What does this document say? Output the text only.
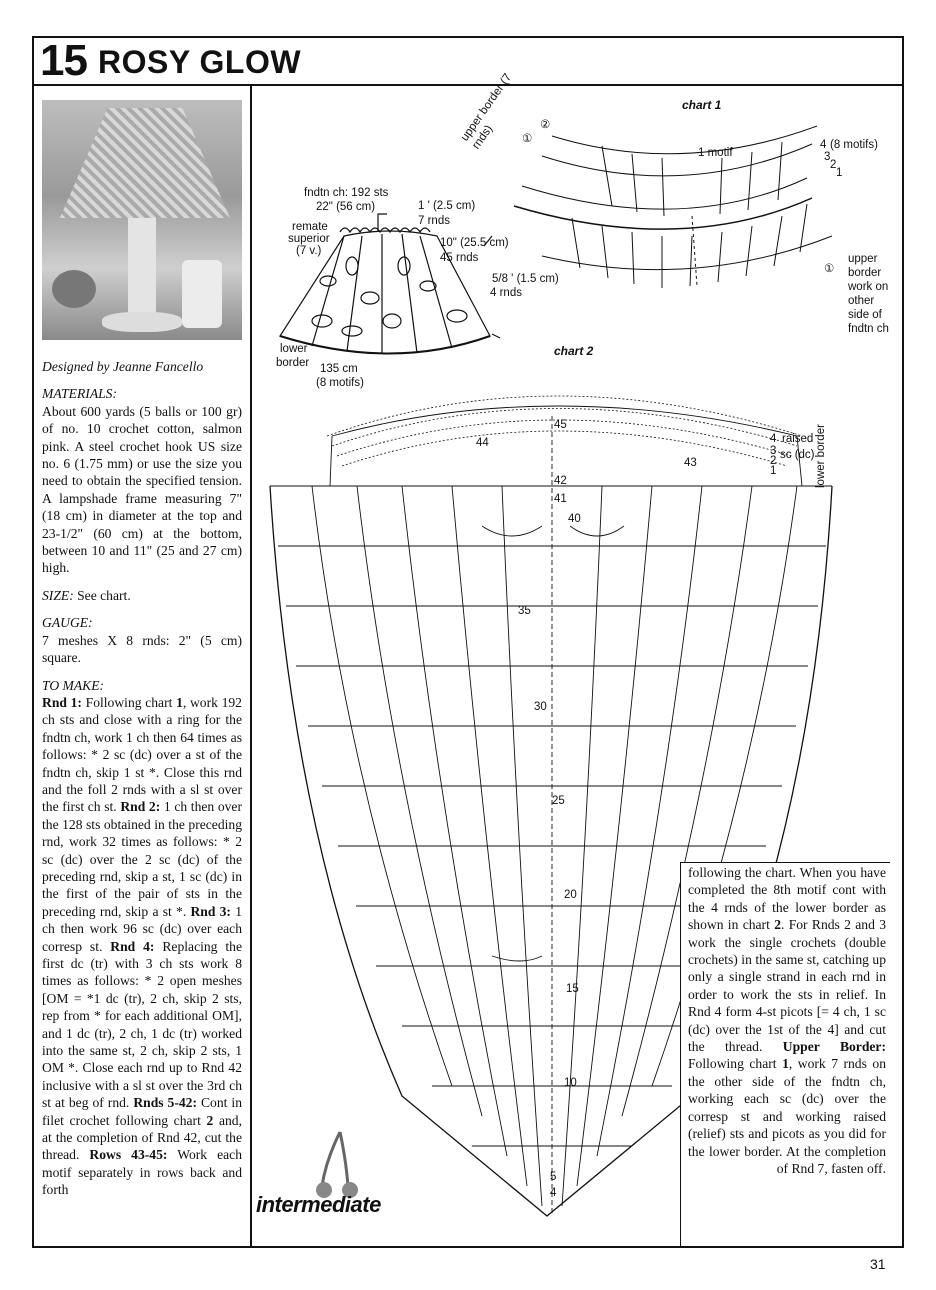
15 ROSY GLOW

Designed by Jeanne Fancello

MATERIALS:

About 600 yards (5 balls or 100 gr) of no. 10 crochet cotton, salmon pink. A steel crochet hook US size no. 6 (1.75 mm) or use the size you need to obtain the specified tension. A lampshade frame measuring 7" (18 cm) in diameter at the top and 23-1/2" (60 cm) at the bottom, between 10 and 11" (25 and 27 cm) high.

SIZE: See chart.

GAUGE:

7 meshes X 8 rnds: 2" (5 cm) square.

TO MAKE:

Rnd 1: Following chart 1, work 192 ch sts and close with a ring for the fndtn ch, work 1 ch then 64 times as follows: * 2 sc (dc) over a st of the fndtn ch, skip 1 st *. Close this rnd and the foll 2 rnds with a sl st over the first ch st. Rnd 2: 1 ch then over the 128 sts obtained in the preceding rnd, work 32 times as follows: * 2 sc (dc) over the 2 sc (dc) of the preceding rnd, skip a st, 1 sc (dc) in the first of the pair of sts in the preceding rnd, skip a st *. Rnd 3: 1 ch then work 96 sc (dc) over each corresp st. Rnd 4: Replacing the first dc (tr) with 3 ch sts work 8 times as follows: * 2 open meshes [OM = *1 dc (tr), 2 ch, skip 2 sts, rep from * for each additional OM], and 1 dc (tr), 2 ch, 1 dc (tr) worked into the same st, 2 ch, skip 2 sts, 1 OM *. Close each rnd up to Rnd 42 inclusive with a sl st over the 3rd ch st at beg of rnd. Rnds 5-42: Cont in filet crochet following chart 2 and, at the completion of Rnd 42, cut the thread. Rows 43-45: Work each motif separately in rows back and forth

fndtn ch: 192 sts
22" (56 cm)
remate
superior
(7 v.)
1 ' (2.5 cm)
7 rnds
10" (25.5 cm)
45 rnds
5/8 ' (1.5 cm)
4 rnds
lower
border 135 cm
(8 motifs)
chart 1
1 motif
4 (8 motifs)
3
2
1
upper border (7 rnds)	①
②
①
upper
border
work on
other
side of
fndtn ch
chart 2
45
44
43
42
41
40
35
30
25
20
15
10
5
4
4 raised
3 sc (dc)
2
1	lower border

following the chart. When you have completed the 8th motif cont with the 4 rnds of the lower border as shown in chart 2. For Rnds 2 and 3 work the single crochets (double crochets) in the same st, catching up only a single strand in each rnd in order to work the sts in relief. In Rnd 4 form 4-st picots [= 4 ch, 1 sc (dc) over the 1st of the 4] and cut the thread. Upper Border: Following chart 1, work 7 rnds on the other side of the fndtn ch, working each sc (dc) over the corresp st and working raised (relief) sts and picots as you did for the lower border. At the completion of Rnd 7, fasten off.

intermediate
31
